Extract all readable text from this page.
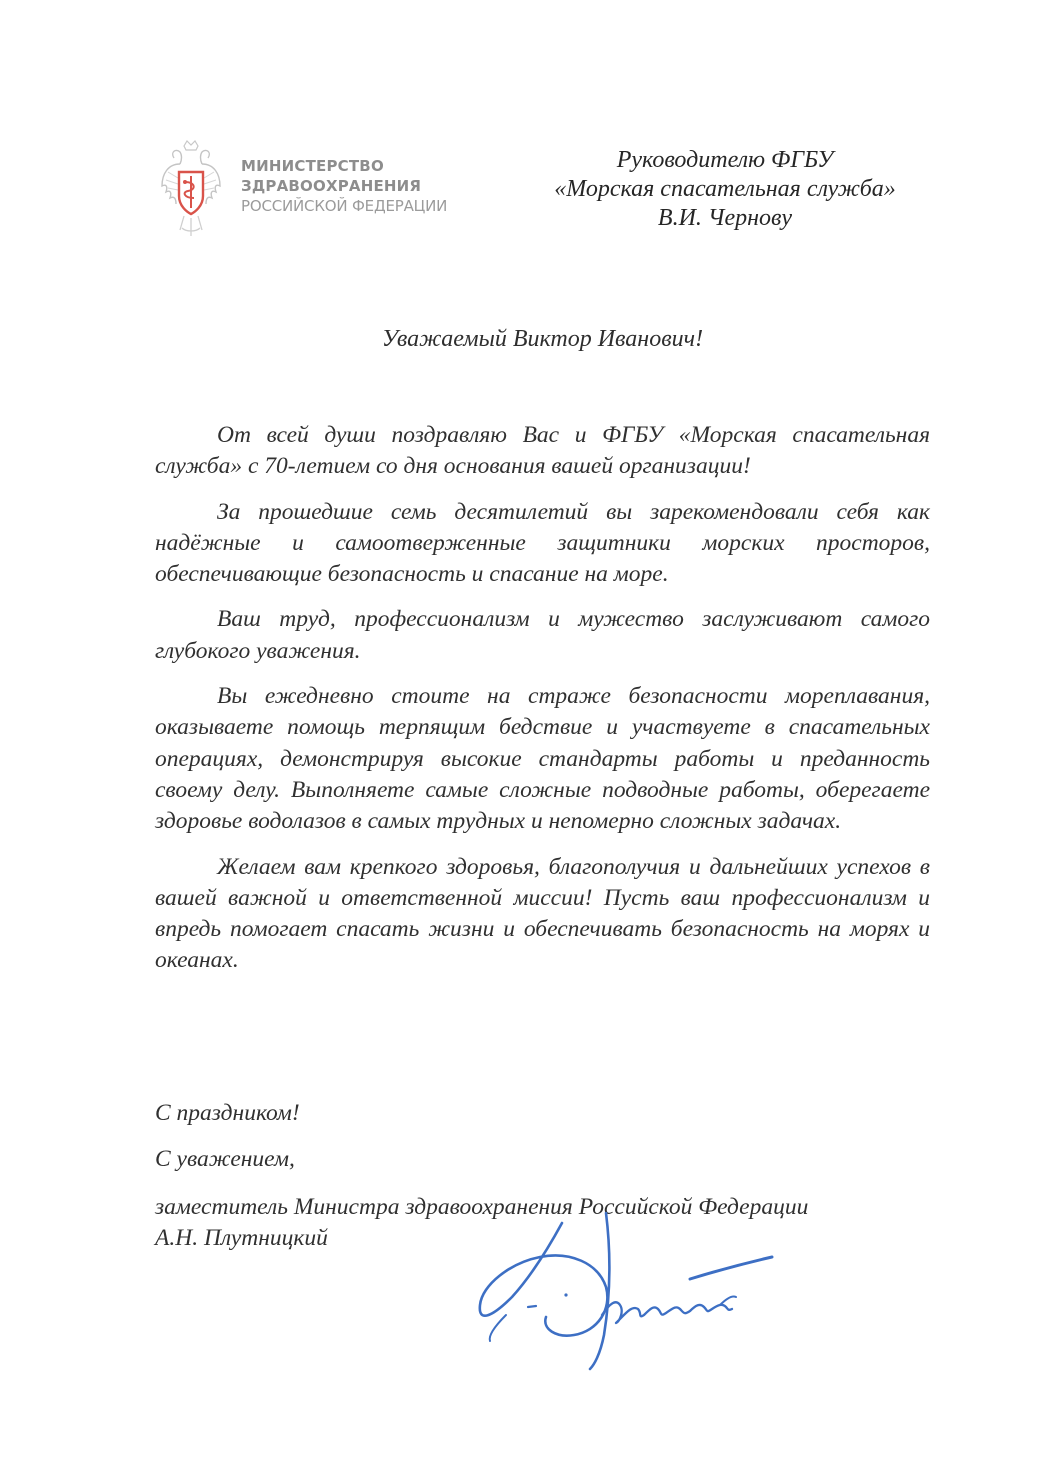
МИНИСТЕРСТВО
ЗДРАВООХРАНЕНИЯ
РОССИЙСКОЙ ФЕДЕРАЦИИ
Руководителю ФГБУ
«Морская спасательная служба»
В.И. Чернову
Уважаемый Виктор Иванович!

От всей души поздравляю Вас и ФГБУ «Морская спасательная служба» с 70-летием со дня основания вашей организации!

За прошедшие семь десятилетий вы зарекомендовали себя как надёжные и самоотверженные защитники морских просторов, обеспечивающие безопасность и спасание на море.

Ваш труд, профессионализм и мужество заслуживают самого глубокого уважения.

Вы ежедневно стоите на страже безопасности мореплавания, оказываете помощь терпящим бедствие и участвуете в спасательных операциях, демонстрируя высокие стандарты работы и преданность своему делу. Выполняете самые сложные подводные работы, оберегаете здоровье водолазов в самых трудных и непомерно сложных задачах.

Желаем вам крепкого здоровья, благополучия и дальнейших успехов в вашей важной и ответственной миссии! Пусть ваш профессионализм и впредь помогает спасать жизни и обеспечивать безопасность на морях и океанах.

С праздником!
С уважением,
заместитель Министра здравоохранения Российской Федерации
А.Н. Плутницкий
